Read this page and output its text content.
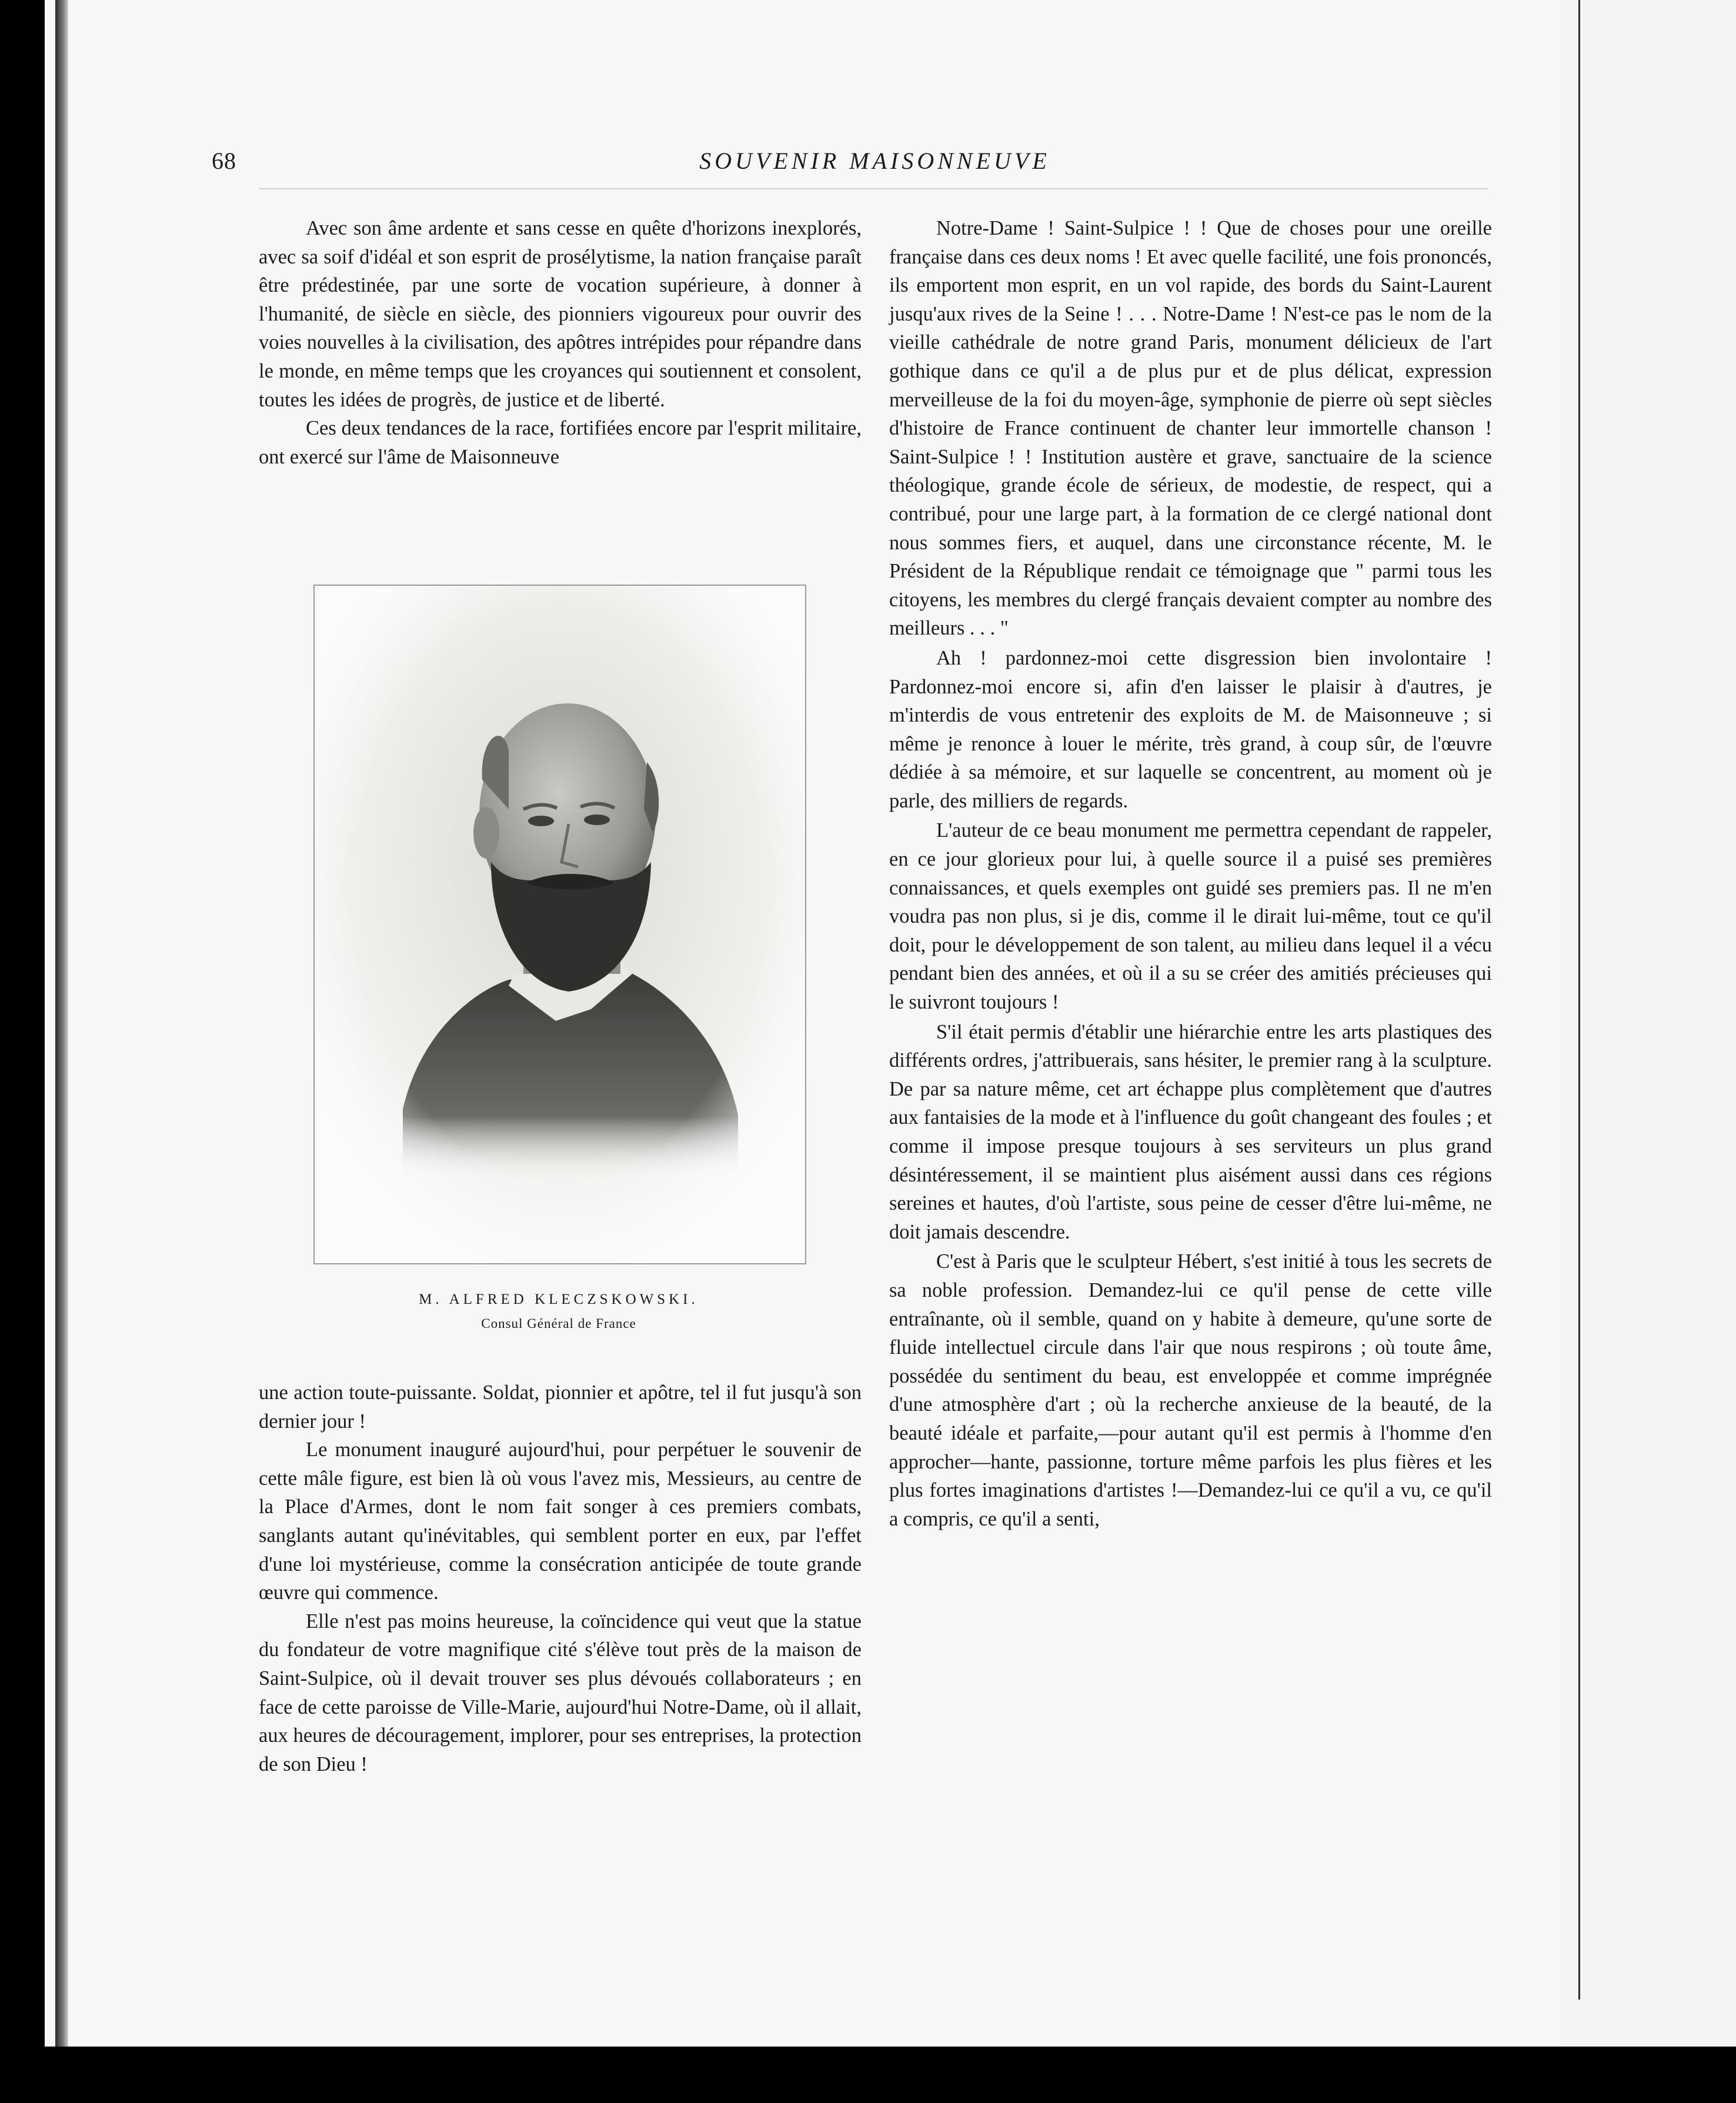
68	SOUVENIR MAISONNEUVE

Avec son âme ardente et sans cesse en quête d'horizons inexplorés, avec sa soif d'idéal et son esprit de prosélytisme, la nation française paraît être prédestinée, par une sorte de vocation supérieure, à donner à l'humanité, de siècle en siècle, des pionniers vigoureux pour ouvrir des voies nouvelles à la civilisation, des apôtres intrépides pour répandre dans le monde, en même temps que les croyances qui soutiennent et consolent, toutes les idées de progrès, de justice et de liberté.

Ces deux tendances de la race, fortifiées encore par l'esprit militaire, ont exercé sur l'âme de Maisonneuve

M. ALFRED KLECZSKOWSKI.
Consul Général de France

une action toute-puissante. Soldat, pionnier et apôtre, tel il fut jusqu'à son dernier jour !

Le monument inauguré aujourd'hui, pour perpétuer le souvenir de cette mâle figure, est bien là où vous l'avez mis, Messieurs, au centre de la Place d'Armes, dont le nom fait songer à ces premiers combats, sanglants autant qu'inévitables, qui semblent porter en eux, par l'effet d'une loi mystérieuse, comme la consécration anticipée de toute grande œuvre qui commence.

Elle n'est pas moins heureuse, la coïncidence qui veut que la statue du fondateur de votre magnifique cité s'élève tout près de la maison de Saint-Sulpice, où il devait trouver ses plus dévoués collaborateurs ; en face de cette paroisse de Ville-Marie, aujourd'hui Notre-Dame, où il allait, aux heures de découragement, implorer, pour ses entreprises, la protection de son Dieu !

Notre-Dame ! Saint-Sulpice ! ! Que de choses pour une oreille française dans ces deux noms ! Et avec quelle facilité, une fois prononcés, ils emportent mon esprit, en un vol rapide, des bords du Saint-Laurent jusqu'aux rives de la Seine ! . . . Notre-Dame ! N'est-ce pas le nom de la vieille cathédrale de notre grand Paris, monument délicieux de l'art gothique dans ce qu'il a de plus pur et de plus délicat, expression merveilleuse de la foi du moyen-âge, symphonie de pierre où sept siècles d'histoire de France continuent de chanter leur immortelle chanson ! Saint-Sulpice ! ! Institution austère et grave, sanctuaire de la science théologique, grande école de sérieux, de modestie, de respect, qui a contribué, pour une large part, à la formation de ce clergé national dont nous sommes fiers, et auquel, dans une circonstance récente, M. le Président de la République rendait ce témoignage que " parmi tous les citoyens, les membres du clergé français devaient compter au nombre des meilleurs . . . "

Ah ! pardonnez-moi cette disgression bien involontaire ! Pardonnez-moi encore si, afin d'en laisser le plaisir à d'autres, je m'interdis de vous entretenir des exploits de M. de Maisonneuve ; si même je renonce à louer le mérite, très grand, à coup sûr, de l'œuvre dédiée à sa mémoire, et sur laquelle se concentrent, au moment où je parle, des milliers de regards.

L'auteur de ce beau monument me permettra cependant de rappeler, en ce jour glorieux pour lui, à quelle source il a puisé ses premières connaissances, et quels exemples ont guidé ses premiers pas. Il ne m'en voudra pas non plus, si je dis, comme il le dirait lui-même, tout ce qu'il doit, pour le développement de son talent, au milieu dans lequel il a vécu pendant bien des années, et où il a su se créer des amitiés précieuses qui le suivront toujours !

S'il était permis d'établir une hiérarchie entre les arts plastiques des différents ordres, j'attribuerais, sans hésiter, le premier rang à la sculpture. De par sa nature même, cet art échappe plus complètement que d'autres aux fantaisies de la mode et à l'influence du goût changeant des foules ; et comme il impose presque toujours à ses serviteurs un plus grand désintéressement, il se maintient plus aisément aussi dans ces régions sereines et hautes, d'où l'artiste, sous peine de cesser d'être lui-même, ne doit jamais descendre.

C'est à Paris que le sculpteur Hébert, s'est initié à tous les secrets de sa noble profession. Demandez-lui ce qu'il pense de cette ville entraînante, où il semble, quand on y habite à demeure, qu'une sorte de fluide intellectuel circule dans l'air que nous respirons ; où toute âme, possédée du sentiment du beau, est enveloppée et comme imprégnée d'une atmosphère d'art ; où la recherche anxieuse de la beauté, de la beauté idéale et parfaite,—pour autant qu'il est permis à l'homme d'en approcher—hante, passionne, torture même parfois les plus fières et les plus fortes imaginations d'artistes !—Demandez-lui ce qu'il a vu, ce qu'il a compris, ce qu'il a senti,
